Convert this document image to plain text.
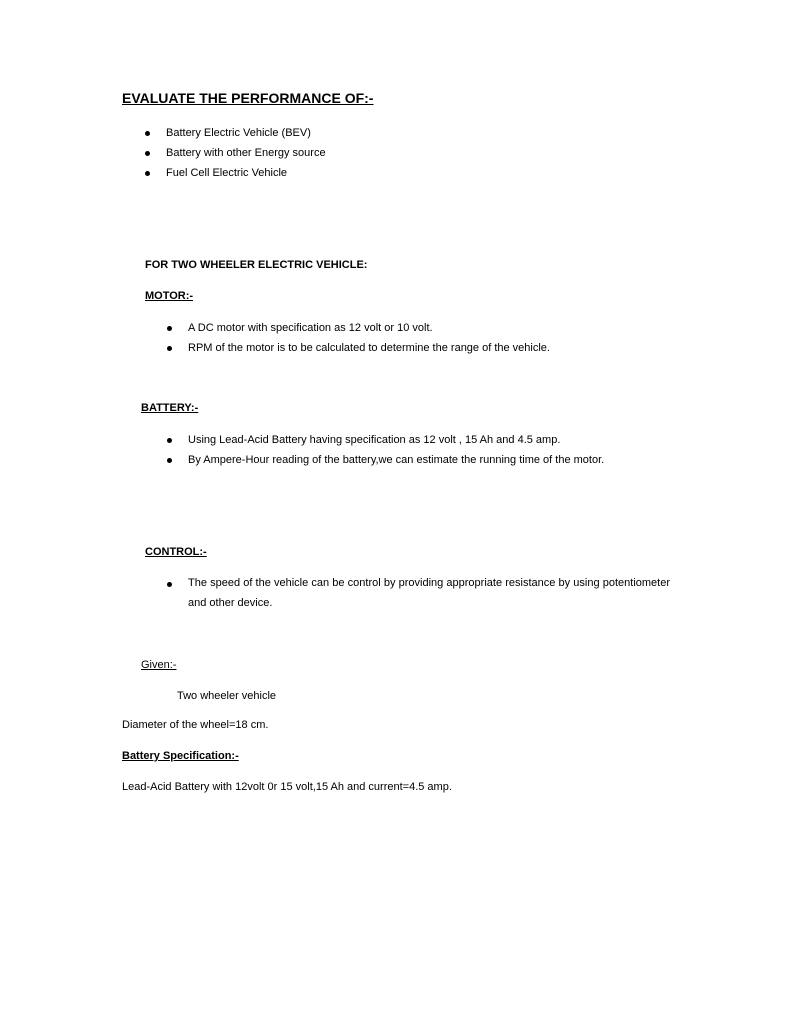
EVALUATE THE PERFORMANCE OF:-
Battery Electric Vehicle (BEV)
Battery with other Energy source
Fuel Cell Electric Vehicle
FOR TWO WHEELER ELECTRIC VEHICLE:
MOTOR:-
A DC motor with specification as 12 volt or 10 volt.
RPM of the motor is to be calculated to determine the range of the vehicle.
BATTERY:-
Using Lead-Acid Battery having specification as 12 volt , 15 Ah and 4.5 amp.
By Ampere-Hour reading of the battery,we can estimate the running time of the motor.
CONTROL:-
The speed of the vehicle can be control by providing appropriate resistance by using potentiometer and other device.
Given:-
Two wheeler vehicle
Diameter of the wheel=18 cm.
Battery Specification:-
Lead-Acid Battery with 12volt 0r 15 volt,15 Ah and current=4.5 amp.
